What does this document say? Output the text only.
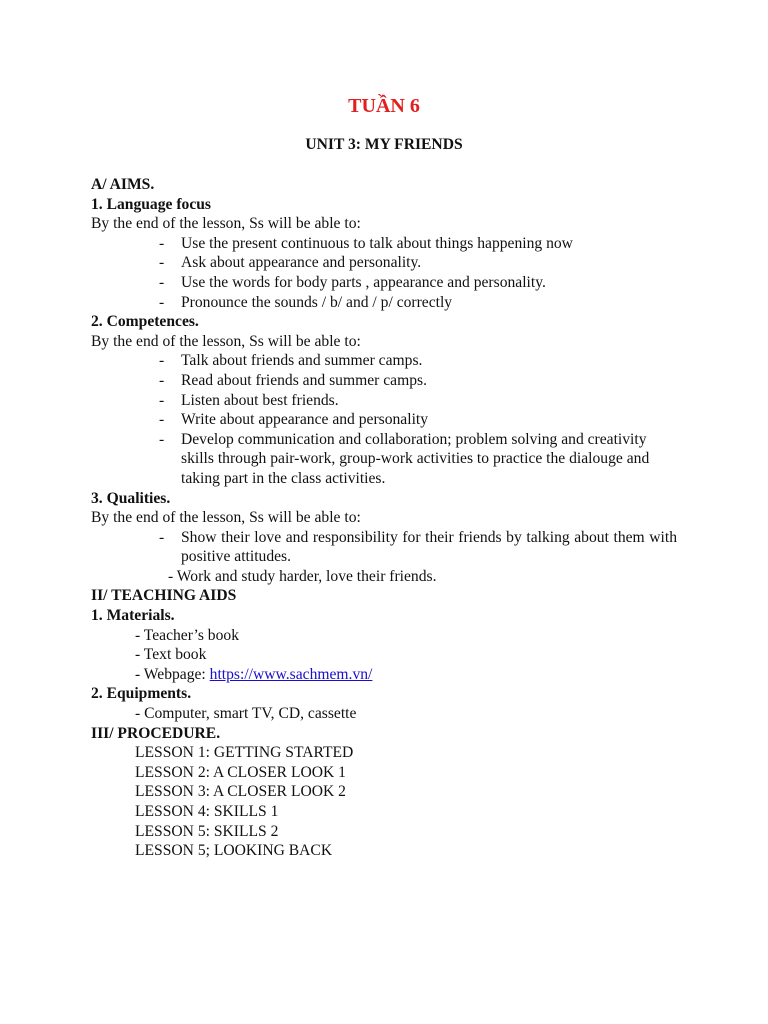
TUẦN 6
UNIT 3: MY FRIENDS
A/ AIMS.
1. Language focus
By the end of the lesson, Ss will be able to:
-	Use the present continuous to talk about things happening now
-	Ask about appearance and personality.
-	Use the words for body parts , appearance and personality.
-	Pronounce the sounds / b/ and / p/ correctly
2. Competences.
By the end of the lesson, Ss will be able to:
-	Talk about friends and summer camps.
-	Read about friends and summer camps.
-	Listen about best friends.
-	Write about appearance and personality
-	Develop communication and collaboration; problem solving and creativity skills through pair-work, group-work activities to practice the dialouge and taking part in the class activities.
3. Qualities.
By the end of the lesson, Ss will be able to:
-	Show their love and responsibility for their friends by talking about them with positive attitudes.
- Work and study harder, love their friends.
II/ TEACHING AIDS
1. Materials.
- Teacher’s book
- Text book
- Webpage: https://www.sachmem.vn/
2. Equipments.
- Computer, smart TV, CD, cassette
III/ PROCEDURE.
LESSON 1: GETTING STARTED
LESSON 2: A CLOSER LOOK 1
LESSON 3: A CLOSER LOOK 2
LESSON 4: SKILLS 1
LESSON 5: SKILLS 2
LESSON 5; LOOKING BACK
